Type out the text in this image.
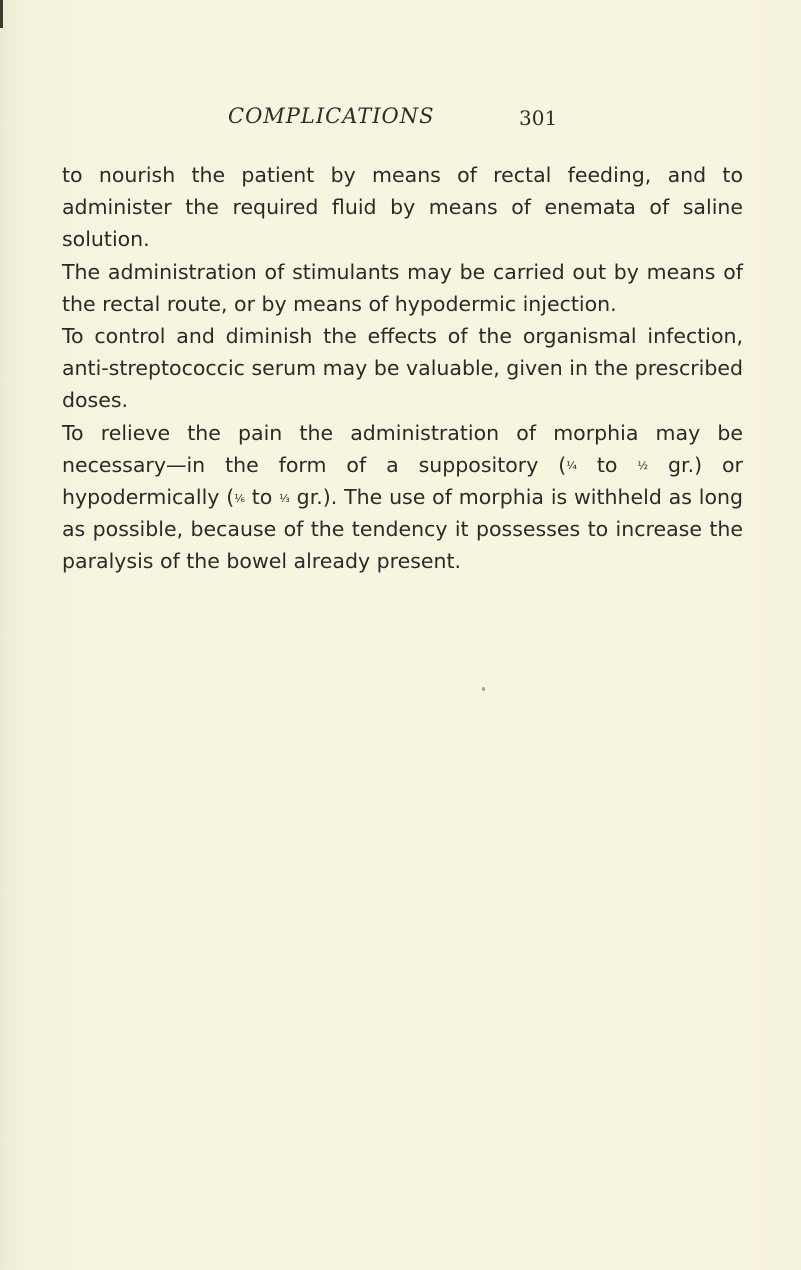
COMPLICATIONS	301

to nourish the patient by means of rectal feeding, and to administer the required fluid by means of enemata of saline solution.

The administration of stimulants may be carried out by means of the rectal route, or by means of hypodermic injection.

To control and diminish the effects of the organismal infection, anti-streptococcic serum may be valuable, given in the prescribed doses.

To relieve the pain the administration of morphia may be necessary—in the form of a suppository (¼ to ½ gr.) or hypodermically (⅙ to ⅓ gr.). The use of morphia is withheld as long as possible, because of the tendency it possesses to increase the paralysis of the bowel already present.
